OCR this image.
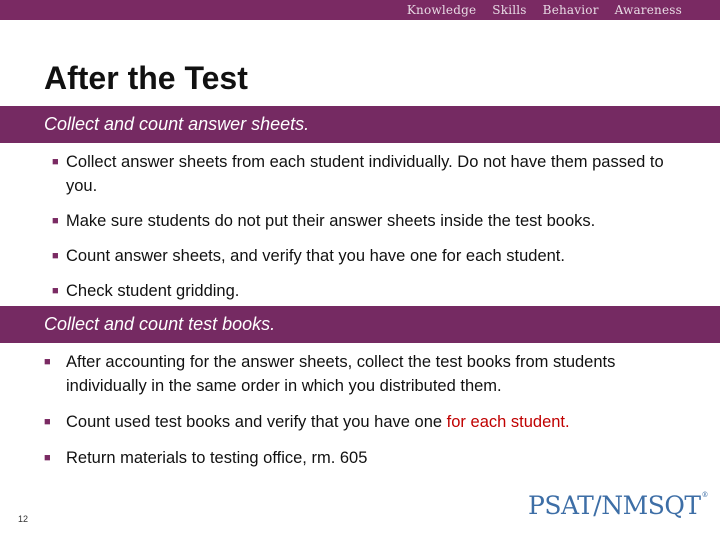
Knowledge Skills Behavior Awareness
After the Test
Collect and count answer sheets.
■ Collect answer sheets from each student individually. Do not have them passed to you.
■ Make sure students do not put their answer sheets inside the test books.
■ Count answer sheets, and verify that you have one for each student.
■ Check student gridding.
Collect and count test books.
■ After accounting for the answer sheets, collect the test books from students individually in the same order in which you distributed them.
■ Count used test books and verify that you have one for each student.
■ Return materials to testing office, rm. 605
12	PSAT/NMSQT®
